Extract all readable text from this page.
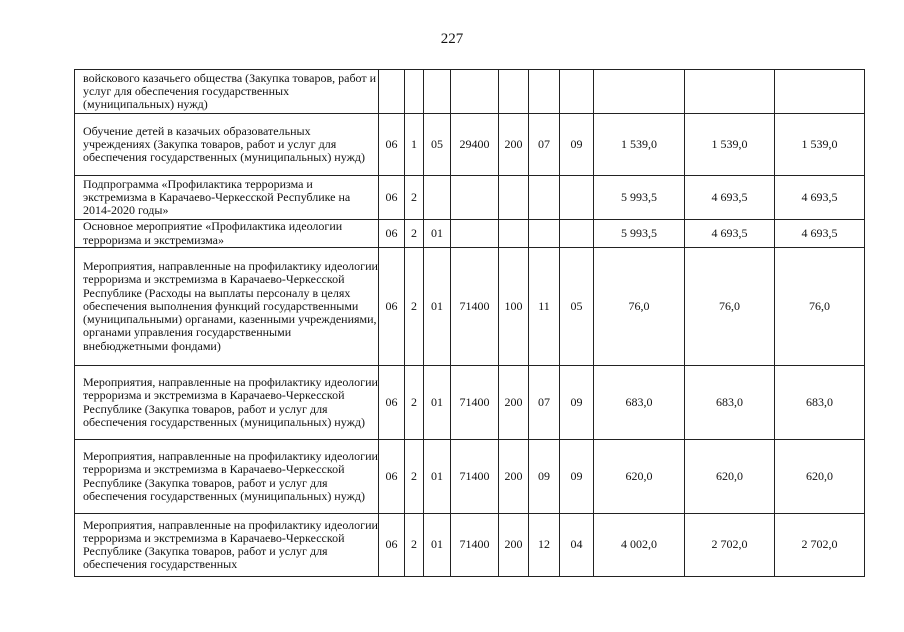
227
войскового казачьего общества (Закупка товаров, работ и услуг для обеспечения государственных (муниципальных) нужд)										
Обучение детей в казачьих образовательных учреждениях (Закупка товаров, работ и услуг для обеспечения государственных (муниципальных) нужд)	06	1	05	29400	200	07	09	1 539,0	1 539,0	1 539,0
Подпрограмма «Профилактика терроризма и экстремизма в Карачаево-Черкесской Республике на 2014-2020 годы»	06	2						5 993,5	4 693,5	4 693,5
Основное мероприятие «Профилактика идеологии терроризма и экстремизма»	06	2	01					5 993,5	4 693,5	4 693,5
Мероприятия, направленные на профилактику идеологии терроризма и экстремизма в Карачаево-Черкесской Республике (Расходы на выплаты персоналу в целях обеспечения выполнения функций государственными (муниципальными) органами, казенными учреждениями, органами управления государственными внебюджетными фондами)	06	2	01	71400	100	11	05	76,0	76,0	76,0
Мероприятия, направленные на профилактику идеологии терроризма и экстремизма в Карачаево-Черкесской Республике (Закупка товаров, работ и услуг для обеспечения государственных (муниципальных) нужд)	06	2	01	71400	200	07	09	683,0	683,0	683,0
Мероприятия, направленные на профилактику идеологии терроризма и экстремизма в Карачаево-Черкесской Республике (Закупка товаров, работ и услуг для обеспечения государственных (муниципальных) нужд)	06	2	01	71400	200	09	09	620,0	620,0	620,0
Мероприятия, направленные на профилактику идеологии терроризма и экстремизма в Карачаево-Черкесской Республике (Закупка товаров, работ и услуг для обеспечения государственных	06	2	01	71400	200	12	04	4 002,0	2 702,0	2 702,0
